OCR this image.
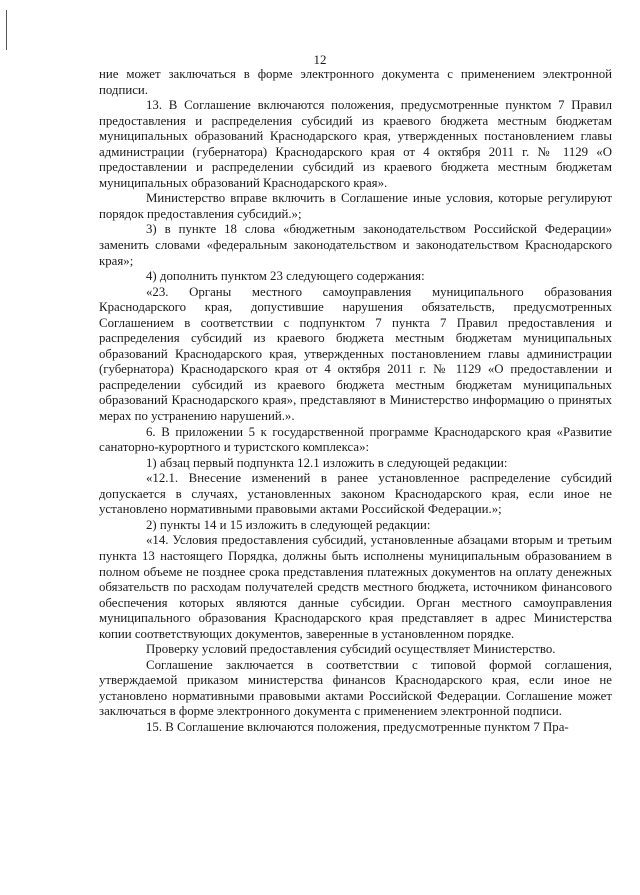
12

ние может заключаться в форме электронного документа с применением электронной подписи.

13. В Соглашение включаются положения, предусмотренные пунктом 7 Правил предоставления и распределения субсидий из краевого бюджета местным бюджетам муниципальных образований Краснодарского края, утвержденных постановлением главы администрации (губернатора) Краснодарского края от 4 октября 2011 г. № 1129 «О предоставлении и распределении субсидий из краевого бюджета местным бюджетам муниципальных образований Краснодарского края».

Министерство вправе включить в Соглашение иные условия, которые регулируют порядок предоставления субсидий.»;

3) в пункте 18 слова «бюджетным законодательством Российской Федерации» заменить словами «федеральным законодательством и законодательством Краснодарского края»;

4) дополнить пунктом 23 следующего содержания:

«23. Органы местного самоуправления муниципального образования Краснодарского края, допустившие нарушения обязательств, предусмотренных Соглашением в соответствии с подпунктом 7 пункта 7 Правил предоставления и распределения субсидий из краевого бюджета местным бюджетам муниципальных образований Краснодарского края, утвержденных постановлением главы администрации (губернатора) Краснодарского края от 4 октября 2011 г. № 1129 «О предоставлении и распределении субсидий из краевого бюджета местным бюджетам муниципальных образований Краснодарского края», представляют в Министерство информацию о принятых мерах по устранению нарушений.».

6. В приложении 5 к государственной программе Краснодарского края «Развитие санаторно-курортного и туристского комплекса»:

1) абзац первый подпункта 12.1 изложить в следующей редакции:

«12.1. Внесение изменений в ранее установленное распределение субсидий допускается в случаях, установленных законом Краснодарского края, если иное не установлено нормативными правовыми актами Российской Федерации.»;

2) пункты 14 и 15 изложить в следующей редакции:

«14. Условия предоставления субсидий, установленные абзацами вторым и третьим пункта 13 настоящего Порядка, должны быть исполнены муниципальным образованием в полном объеме не позднее срока представления платежных документов на оплату денежных обязательств по расходам получателей средств местного бюджета, источником финансового обеспечения которых являются данные субсидии. Орган местного самоуправления муниципального образования Краснодарского края представляет в адрес Министерства копии соответствующих документов, заверенные в установленном порядке.

Проверку условий предоставления субсидий осуществляет Министерство.

Соглашение заключается в соответствии с типовой формой соглашения, утверждаемой приказом министерства финансов Краснодарского края, если иное не установлено нормативными правовыми актами Российской Федерации. Соглашение может заключаться в форме электронного документа с применением электронной подписи.

15. В Соглашение включаются положения, предусмотренные пунктом 7 Пра-
